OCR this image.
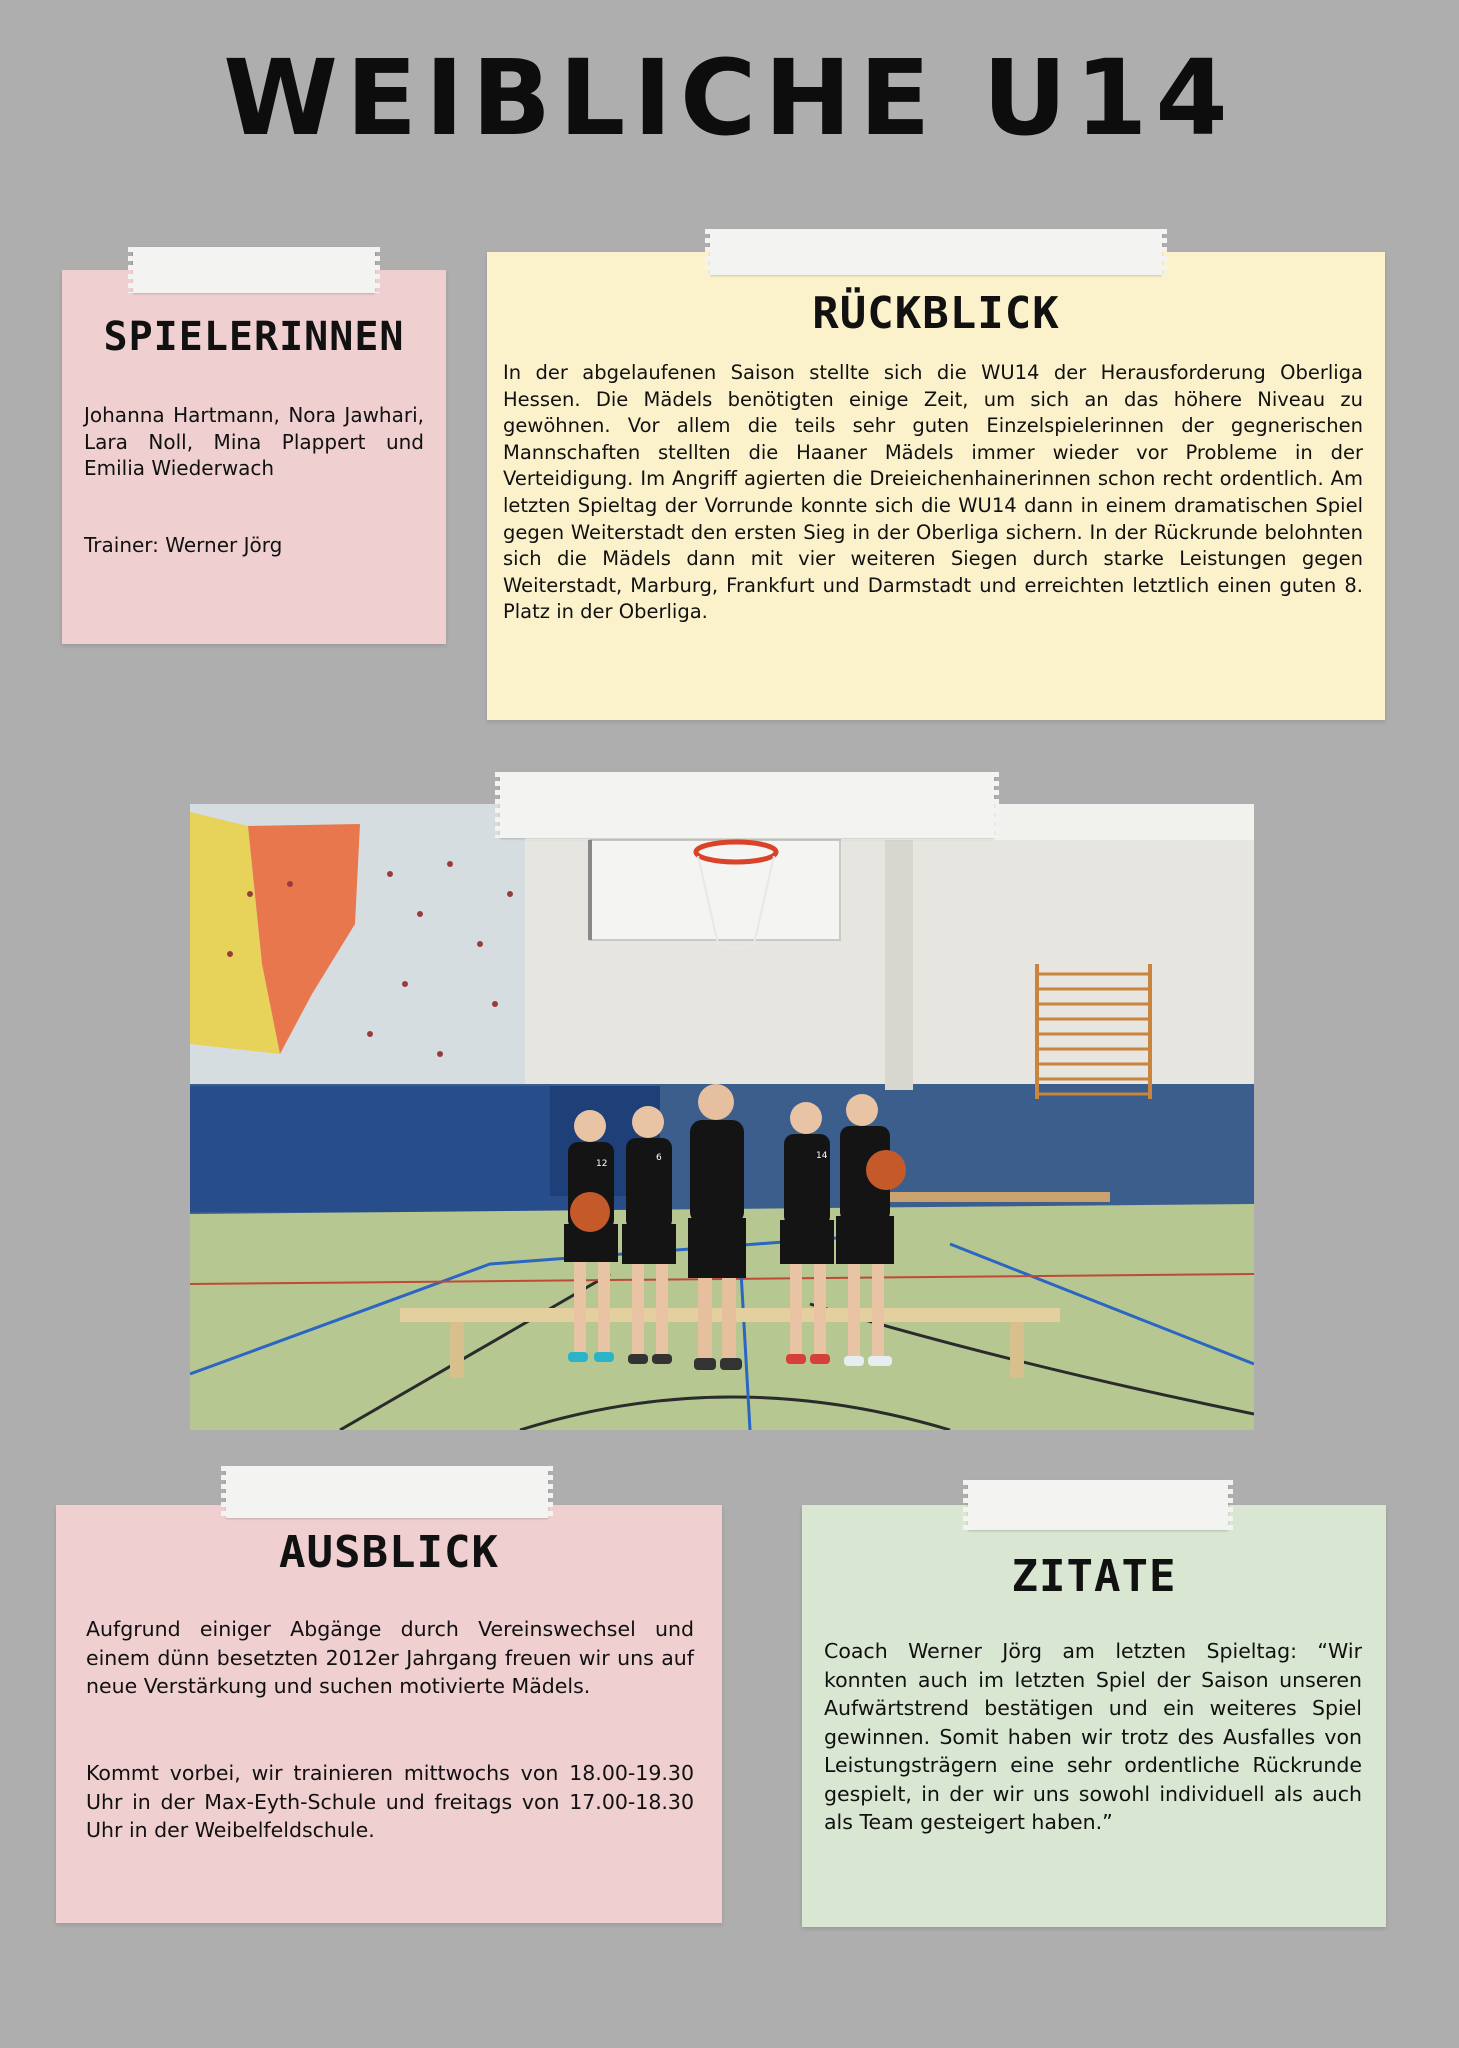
WEIBLICHE U14
SPIELERINNEN

Johanna Hartmann, Nora Jawhari, Lara Noll, Mina Plappert und Emilia Wiederwach

Trainer: Werner Jörg

RÜCKBLICK

In der abgelaufenen Saison stellte sich die WU14 der Herausforderung Oberliga Hessen. Die Mädels benötigten einige Zeit, um sich an das höhere Niveau zu gewöhnen. Vor allem die teils sehr guten Einzelspielerinnen der gegnerischen Mannschaften stellten die Haaner Mädels immer wieder vor Probleme in der Verteidigung. Im Angriff agierten die Dreieichenhainerinnen schon recht ordentlich. Am letzten Spieltag der Vorrunde konnte sich die WU14 dann in einem dramatischen Spiel gegen Weiterstadt den ersten Sieg in der Oberliga sichern. In der Rückrunde belohnten sich die Mädels dann mit vier weiteren Siegen durch starke Leistungen gegen Weiterstadt, Marburg, Frankfurt und Darmstadt und erreichten letztlich einen guten 8. Platz in der Oberliga.

12
6	14
AUSBLICK

Aufgrund einiger Abgänge durch Vereinswechsel und einem dünn besetzten 2012er Jahrgang freuen wir uns auf neue Verstärkung und suchen motivierte Mädels.

Kommt vorbei, wir trainieren mittwochs von 18.00-19.30 Uhr in der Max-Eyth-Schule und freitags von 17.00-18.30 Uhr in der Weibelfeldschule.

ZITATE

Coach Werner Jörg am letzten Spieltag: “Wir konnten auch im letzten Spiel der Saison unseren Aufwärtstrend bestätigen und ein weiteres Spiel gewinnen. Somit haben wir trotz des Ausfalles von Leistungsträgern eine sehr ordentliche Rückrunde gespielt, in der wir uns sowohl individuell als auch als Team gesteigert haben.”
